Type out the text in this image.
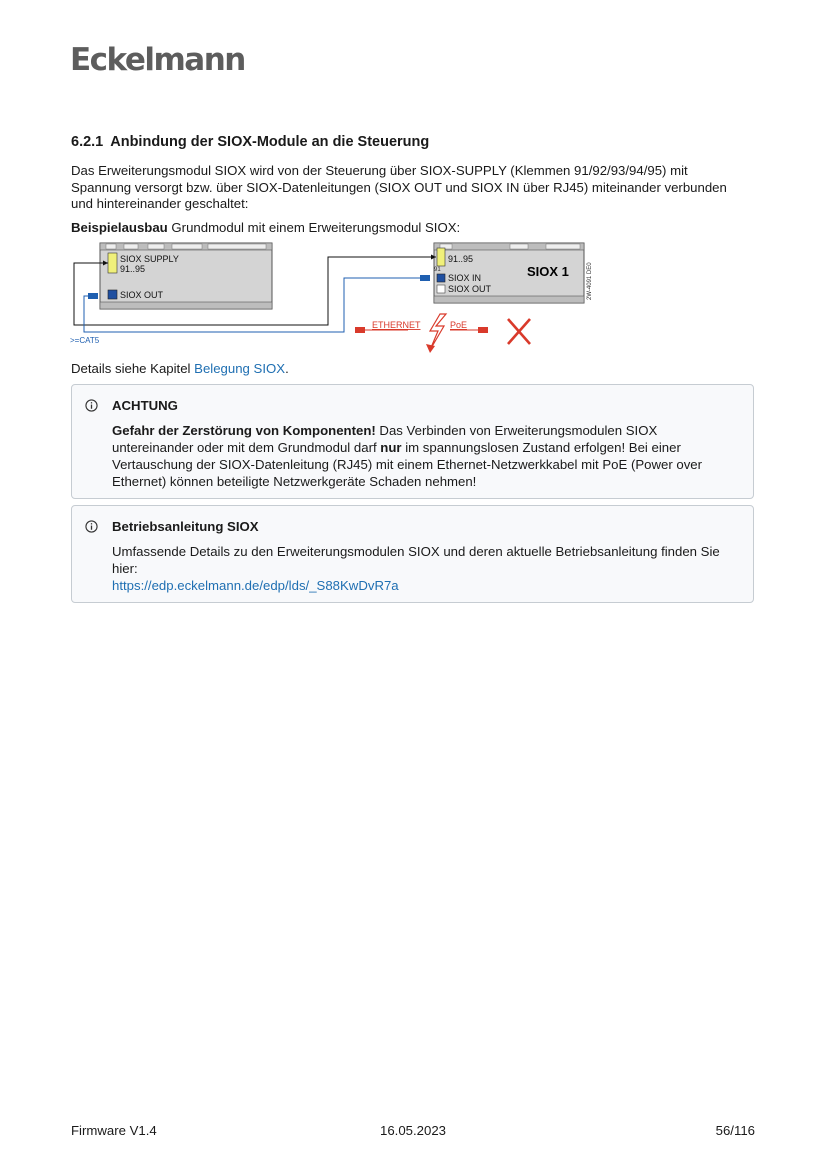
Eckelmann
6.2.1 Anbindung der SIOX-Module an die Steuerung
Das Erweiterungsmodul SIOX wird von der Steuerung über SIOX-SUPPLY (Klemmen 91/92/93/94/95) mit Spannung versorgt bzw. über SIOX-Datenleitungen (SIOX OUT und SIOX IN über RJ45) miteinander verbunden und hintereinander geschaltet:
Beispielausbau Grundmodul mit einem Erweiterungsmodul SIOX:
SIOX SUPPLY
91..95
SIOX OUT
91..95
91
SIOX IN
SIOX OUT
SIOX 1	2W-4091 DE0
>=CAT5
ETHERNET	PoE
Details siehe Kapitel Belegung SIOX.
ACHTUNG
Gefahr der Zerstörung von Komponenten! Das Verbinden von Erweiterungsmodulen SIOX untereinander oder mit dem Grundmodul darf nur im spannungslosen Zustand erfolgen! Bei einer Vertauschung der SIOX-Datenleitung (RJ45) mit einem Ethernet-Netzwerkkabel mit PoE (Power over Ethernet) können beteiligte Netzwerkgeräte Schaden nehmen!
Betriebsanleitung SIOX
Umfassende Details zu den Erweiterungsmodulen SIOX und deren aktuelle Betriebsanleitung finden Sie hier:
https://edp.eckelmann.de/edp/lds/_S88KwDvR7a
Firmware V1.4	16.05.2023	56/116
